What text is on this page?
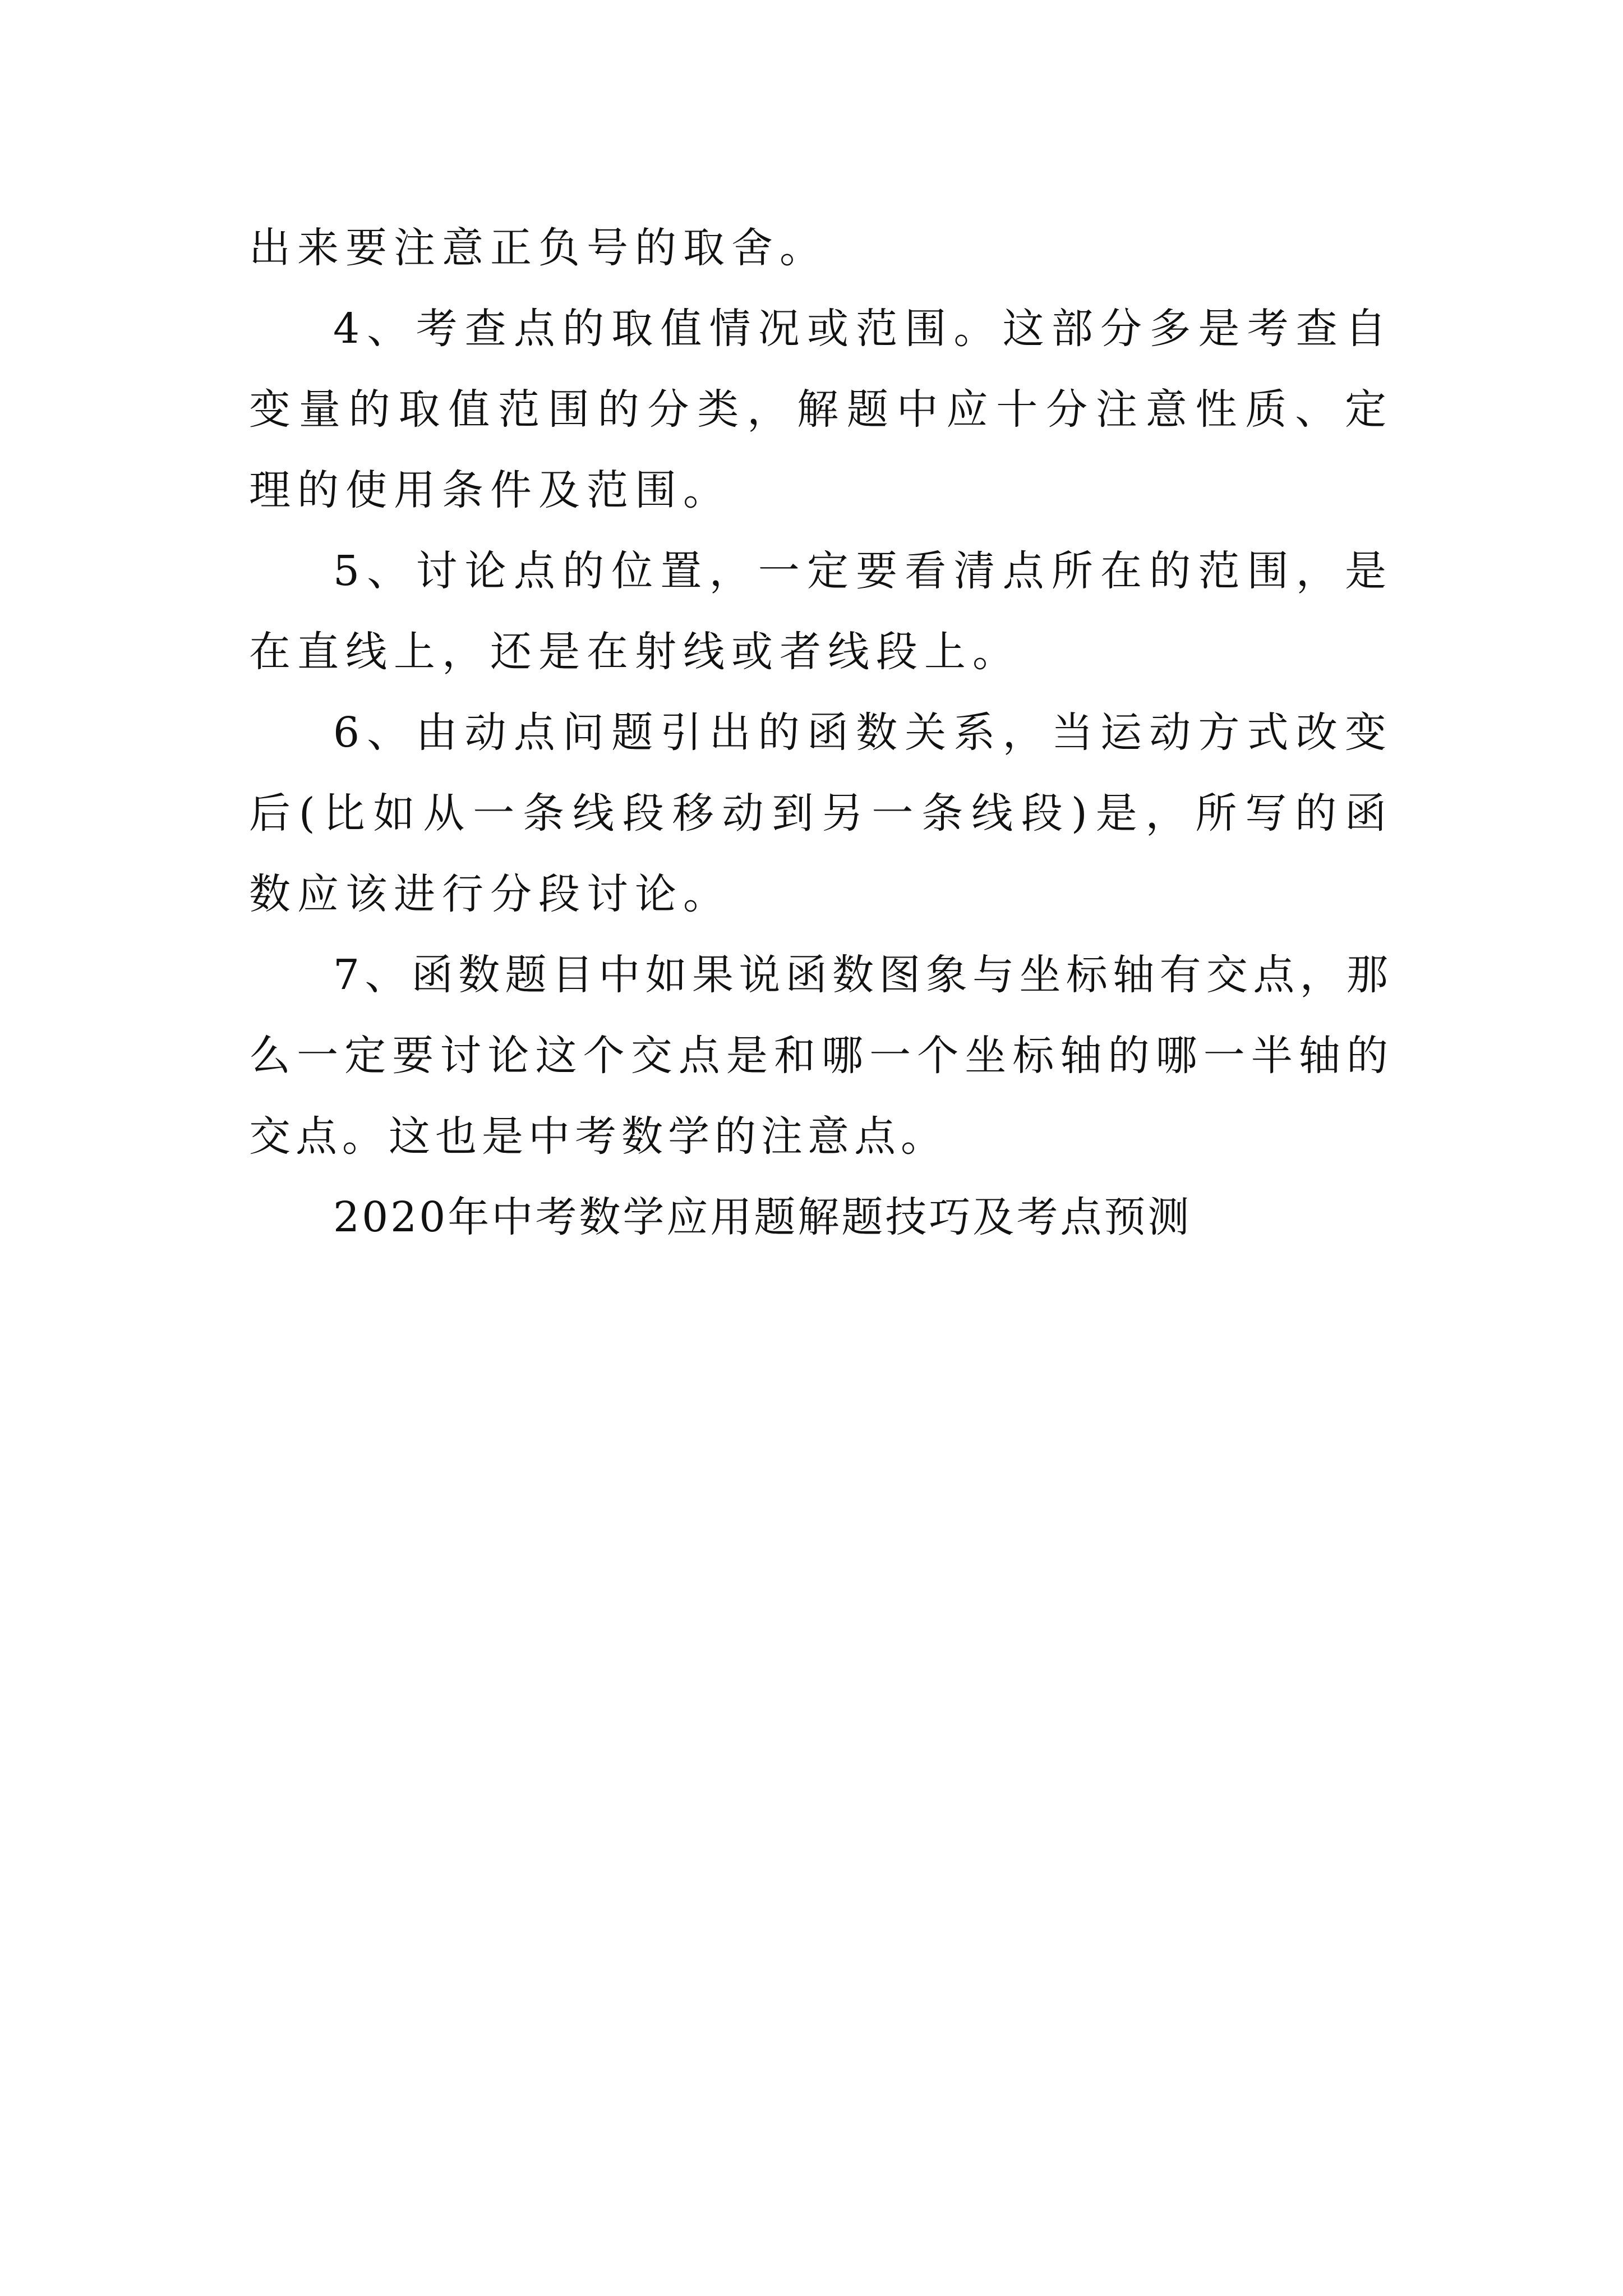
出来要注意正负号的取舍。

4、考查点的取值情况或范围。这部分多是考查自变量的取值范围的分类，解题中应十分注意性质、定理的使用条件及范围。

5、讨论点的位置，一定要看清点所在的范围，是在直线上，还是在射线或者线段上。

6、由动点问题引出的函数关系，当运动方式改变后(比如从一条线段移动到另一条线段)是，所写的函数应该进行分段讨论。

7、函数题目中如果说函数图象与坐标轴有交点，那么一定要讨论这个交点是和哪一个坐标轴的哪一半轴的交点。这也是中考数学的注意点。

2020年中考数学应用题解题技巧及考点预测
